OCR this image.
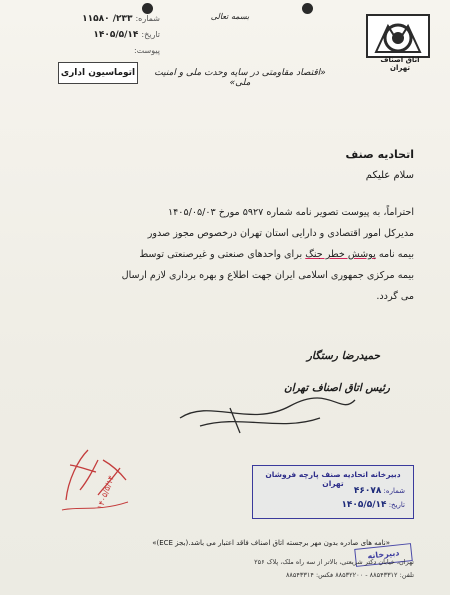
شماره:۲۳۳/ ۱۱۵۸۰
تاریخ:۱۴۰۵/۵/۱۴
پیوست:
بسمه تعالی
اتاق اصناف تهران
اتوماسیون اداری	«اقتصاد مقاومتی در سایه وحدت ملی و امنیت ملی»
اتحادیه صنف
سلام علیکم
احتراماً، به پیوست تصویر نامه شماره ۵۹۲۷ مورخ ۱۴۰۵/۰۵/۰۳
مدیرکل امور اقتصادی و دارایی استان تهران درخصوص مجوز صدور
بیمه نامه پوشش خطر جنگ برای واحدهای صنعتی و غیرصنعتی توسط
بیمه مرکزی جمهوری اسلامی ایران جهت اطلاع و بهره برداری لازم ارسال
می گردد.
حمیدرضا رستگار
رئیس اتاق اصناف تهران
۱۴۰۵/۵/۱۴	دبیرخانه اتحادیه صنف پارچه فروشان تهران
شماره: ۴۶۰۷۸
تاریخ: ۱۴۰۵/۵/۱۴
دبیرخانه
«نامه های صادره بدون مهر برجسته اتاق اصناف فاقد اعتبار می باشد.(بجز ECE)»
تهران، خیابان دکتر شریعتی، بالاتر از سه راه ملک، پلاک ۲۵۶
تلفن: ۸۸۵۴۳۳۱۲ - ۸۸۵۳۲۲۰۰ فکس: ۸۸۵۴۳۳۱۴
